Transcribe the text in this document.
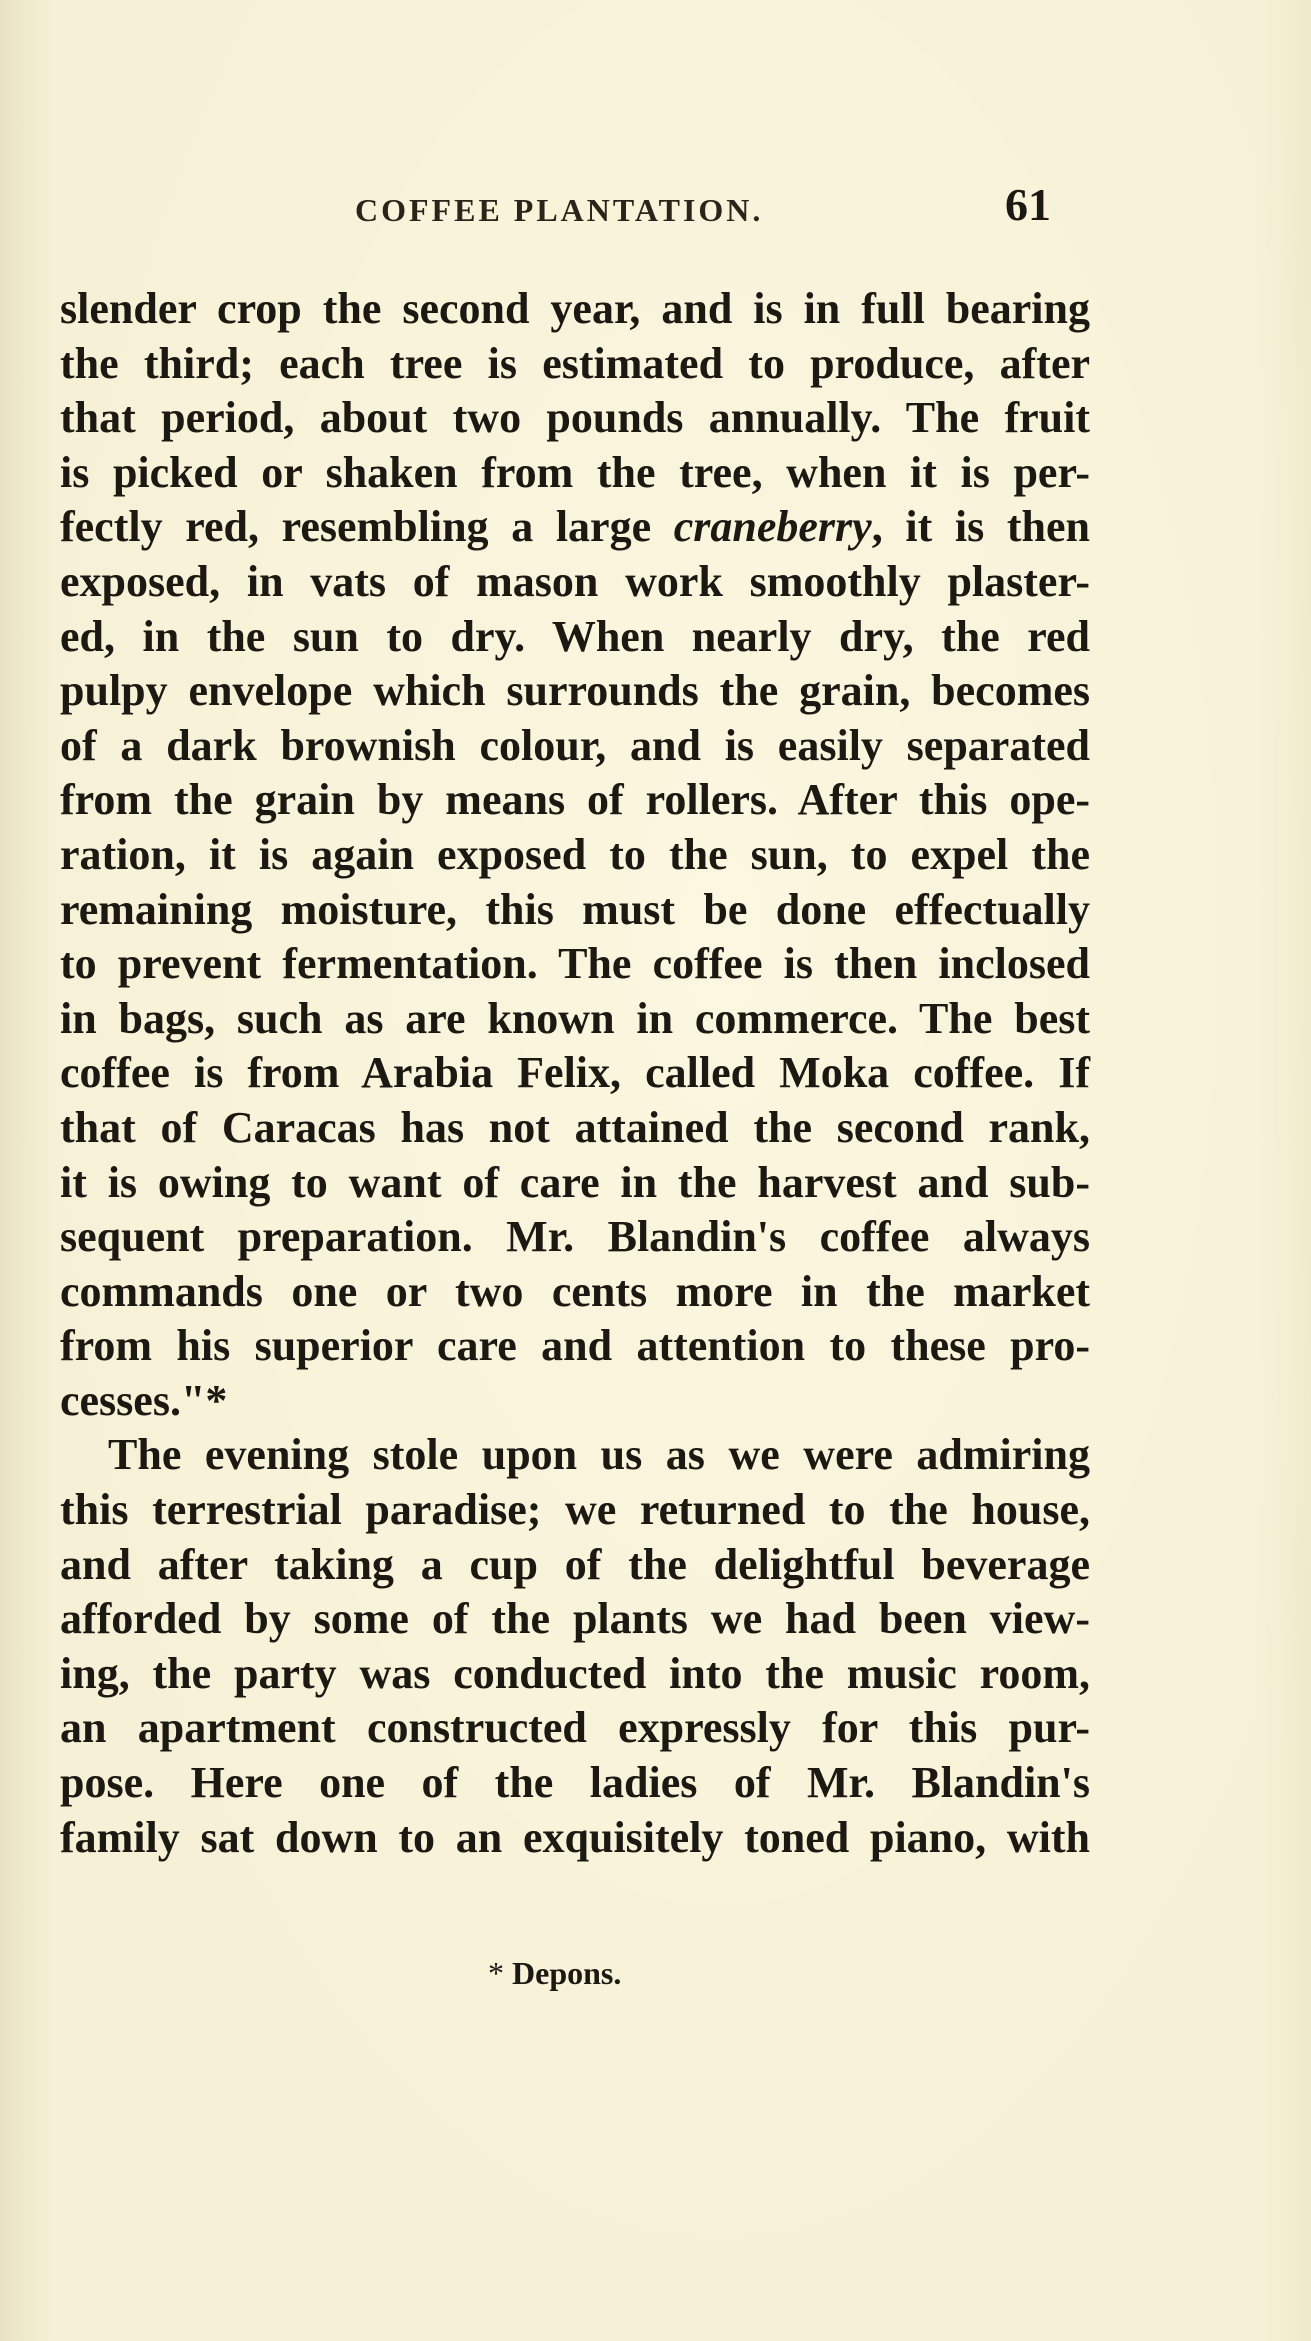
COFFEE PLANTATION.	61
slender crop the second year, and is in full bearing
the third; each tree is estimated to produce, after
that period, about two pounds annually. The fruit
is picked or shaken from the tree, when it is per-
fectly red, resembling a large craneberry, it is then
exposed, in vats of mason work smoothly plaster-
ed, in the sun to dry. When nearly dry, the red
pulpy envelope which surrounds the grain, becomes
of a dark brownish colour, and is easily separated
from the grain by means of rollers. After this ope-
ration, it is again exposed to the sun, to expel the
remaining moisture, this must be done effectually
to prevent fermentation. The coffee is then inclosed
in bags, such as are known in commerce. The best
coffee is from Arabia Felix, called Moka coffee. If
that of Caracas has not attained the second rank,
it is owing to want of care in the harvest and sub-
sequent preparation. Mr. Blandin's coffee always
commands one or two cents more in the market
from his superior care and attention to these pro-
cesses."*
The evening stole upon us as we were admiring
this terrestrial paradise; we returned to the house,
and after taking a cup of the delightful beverage
afforded by some of the plants we had been view-
ing, the party was conducted into the music room,
an apartment constructed expressly for this pur-
pose. Here one of the ladies of Mr. Blandin's
family sat down to an exquisitely toned piano, with
* Depons.
